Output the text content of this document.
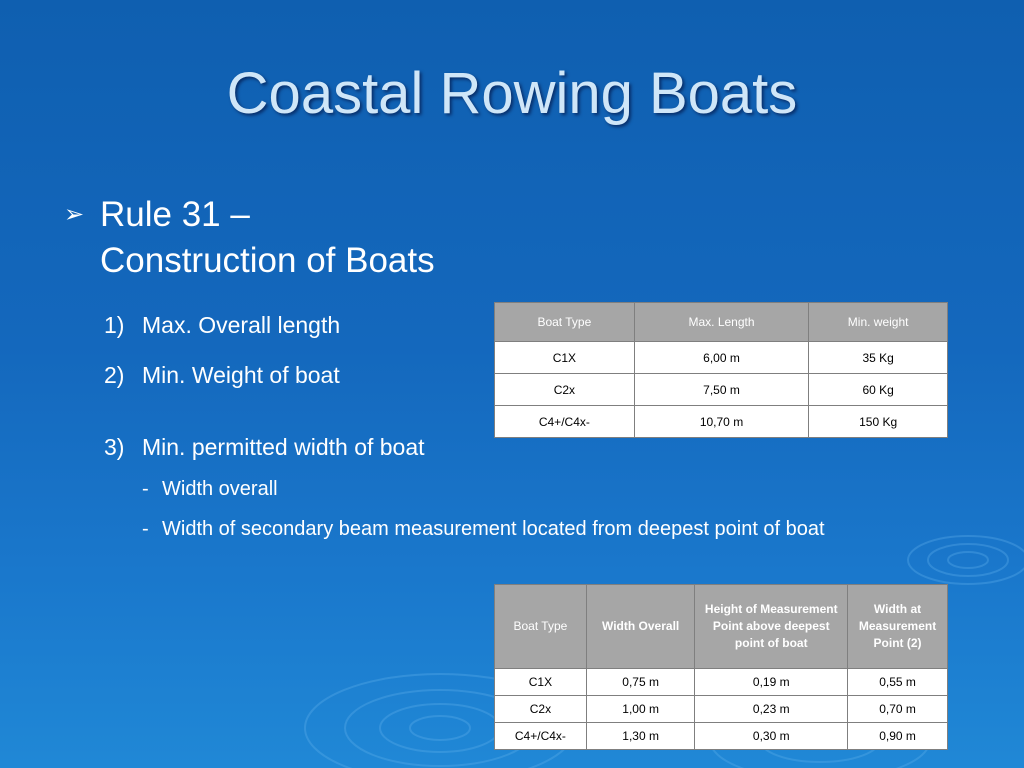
Coastal Rowing Boats
➢ Rule 31 –
Construction of Boats
1) Max. Overall length
2) Min. Weight of boat
3) Min. permitted width of boat
- Width overall
- Width of secondary beam measurement located from deepest point of boat
Boat Type	Max. Length	Min. weight
C1X	6,00 m	35 Kg
C2x	7,50 m	60 Kg
C4+/C4x-	10,70 m	150 Kg
Boat Type	Width Overall	Height of Measurement Point above deepest point of boat	Width at Measurement Point (2)
C1X	0,75 m	0,19 m	0,55 m
C2x	1,00 m	0,23 m	0,70 m
C4+/C4x-	1,30 m	0,30 m	0,90 m
